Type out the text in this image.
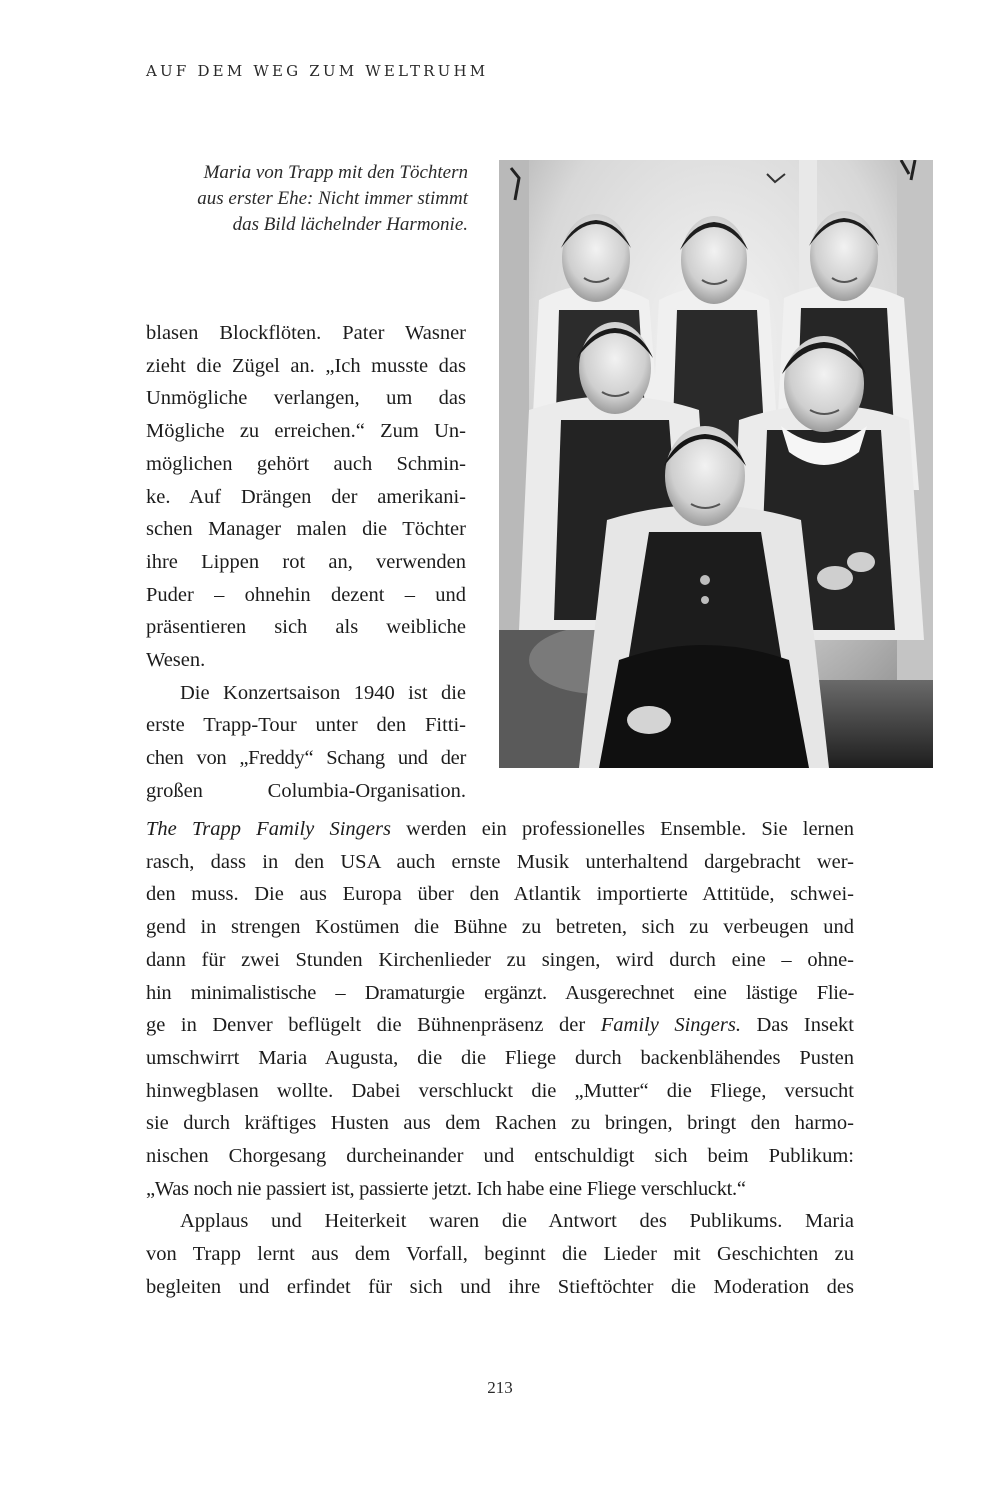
AUF DEM WEG ZUM WELTRUHM
Maria von Trapp mit den Töchtern
aus erster Ehe: Nicht immer stimmt
das Bild lächelnder Harmonie.

blasen Blockflöten. Pater Wasner

zieht die Zügel an. „Ich musste das

Unmögliche verlangen, um das

Mögliche zu erreichen.“ Zum Un-

möglichen gehört auch Schmin-

ke. Auf Drängen der amerikani-

schen Manager malen die Töchter

ihre Lippen rot an, verwenden

Puder – ohnehin dezent – und

präsentieren sich als weibliche

Wesen.

Die Konzertsaison 1940 ist die

erste Trapp-Tour unter den Fitti-

chen von „Freddy“ Schang und der

großen Columbia-Organisation.

The Trapp Family Singers werden ein professionelles Ensemble. Sie lernen

rasch, dass in den USA auch ernste Musik unterhaltend dargebracht wer-

den muss. Die aus Europa über den Atlantik importierte Attitüde, schwei-

gend in strengen Kostümen die Bühne zu betreten, sich zu verbeugen und

dann für zwei Stunden Kirchenlieder zu singen, wird durch eine – ohne-

hin minimalistische – Dramaturgie ergänzt. Ausgerechnet eine lästige Flie-

ge in Denver beflügelt die Bühnenpräsenz der Family Singers. Das Insekt

umschwirrt Maria Augusta, die die Fliege durch backenblähendes Pusten

hinwegblasen wollte. Dabei verschluckt die „Mutter“ die Fliege, versucht

sie durch kräftiges Husten aus dem Rachen zu bringen, bringt den harmo-

nischen Chorgesang durcheinander und entschuldigt sich beim Publikum:

„Was noch nie passiert ist, passierte jetzt. Ich habe eine Fliege verschluckt.“

Applaus und Heiterkeit waren die Antwort des Publikums. Maria

von Trapp lernt aus dem Vorfall, beginnt die Lieder mit Geschichten zu

begleiten und erfindet für sich und ihre Stieftöchter die Moderation des

213
